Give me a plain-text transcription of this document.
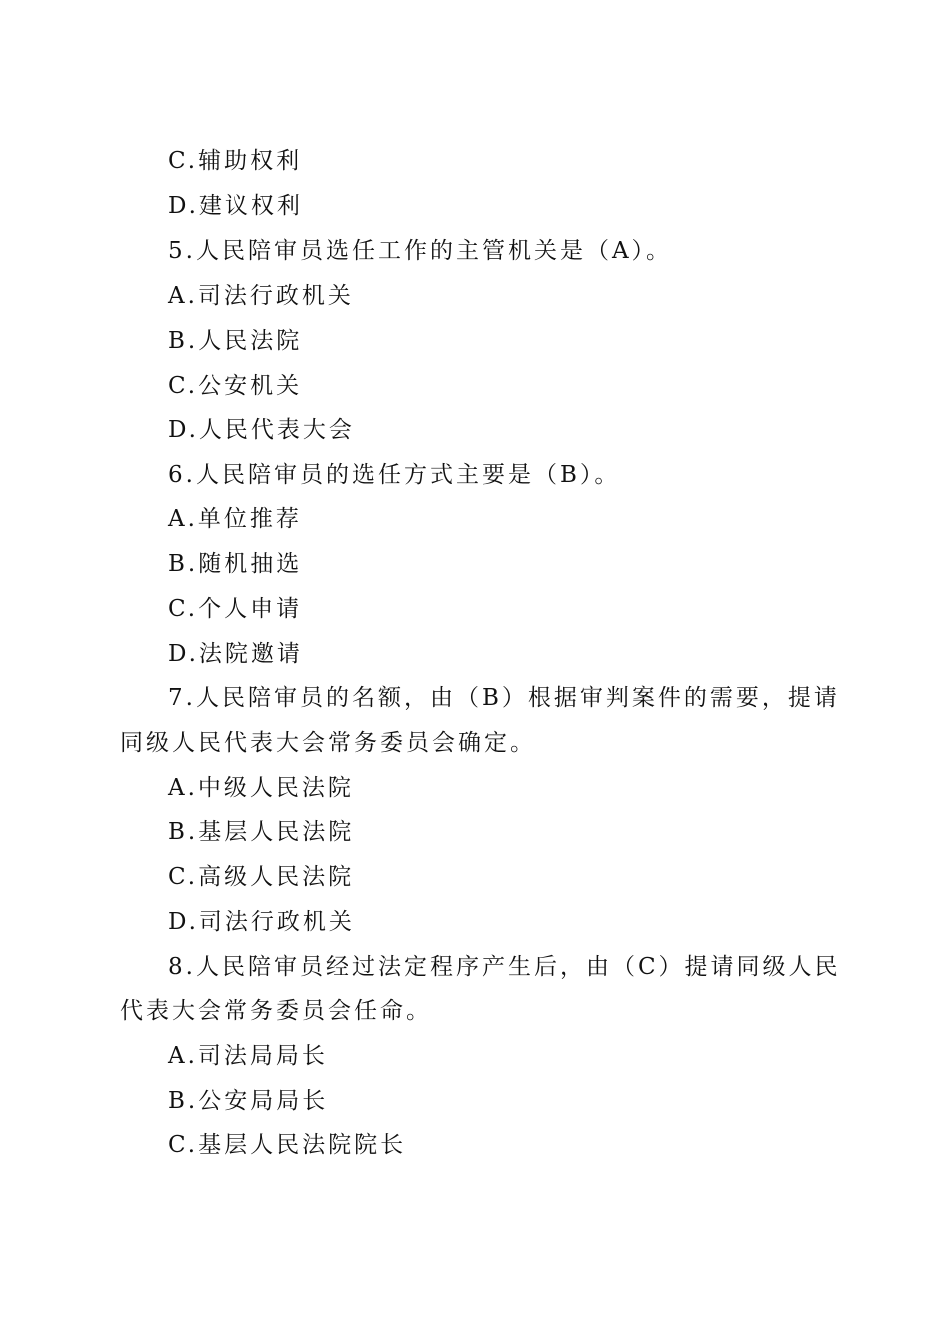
C.辅助权利
D.建议权利
5.人民陪审员选任工作的主管机关是（A）。
A.司法行政机关
B.人民法院
C.公安机关
D.人民代表大会
6.人民陪审员的选任方式主要是（B）。
A.单位推荐
B.随机抽选
C.个人申请
D.法院邀请
7.人民陪审员的名额，由（B）根据审判案件的需要，提请
同级人民代表大会常务委员会确定。
A.中级人民法院
B.基层人民法院
C.高级人民法院
D.司法行政机关
8.人民陪审员经过法定程序产生后，由（C）提请同级人民
代表大会常务委员会任命。
A.司法局局长
B.公安局局长
C.基层人民法院院长
